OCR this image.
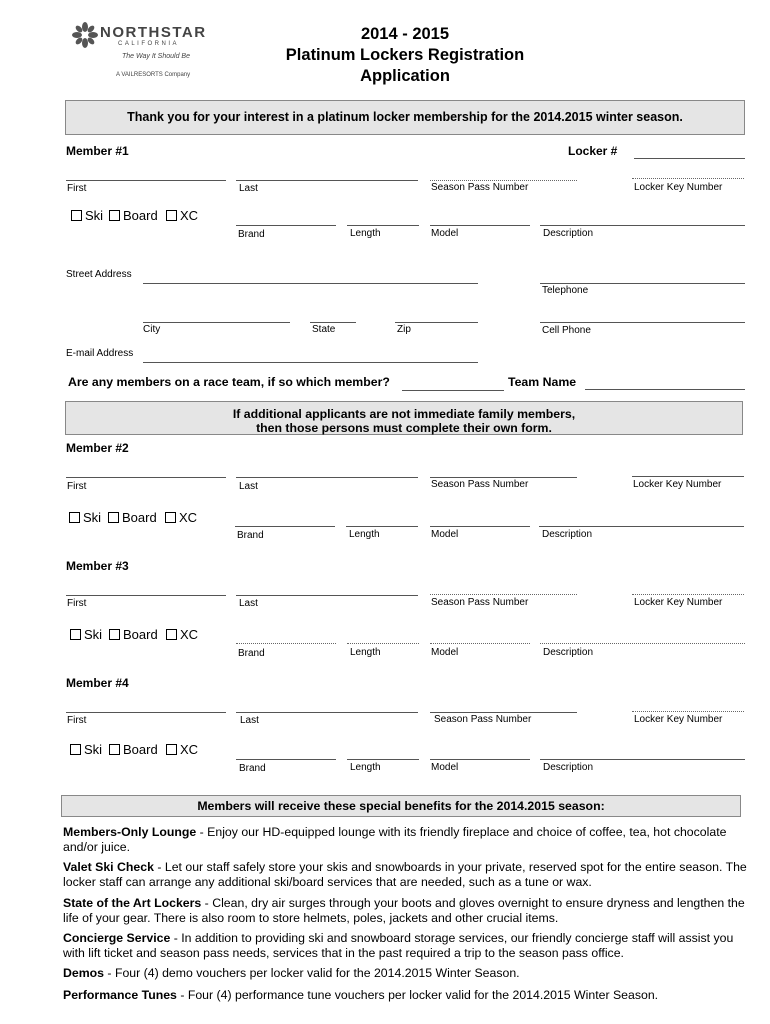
NORTHSTAR
CALIFORNIA
The Way It Should Be
A VAILRESORTS Company
2014 - 2015
Platinum Lockers Registration
Application
Thank you for your interest in a platinum locker membership for the 2014.2015 winter season.
Member #1	Locker #
First	Last	Season Pass Number	Locker Key Number
Ski	Board	XC
Brand	Length	Model	Description
Street Address
Telephone
City	State	Zip	Cell Phone
E-mail Address
Are any members on a race team, if so which member?	Team Name
If additional applicants are not immediate family members,
then those persons must complete their own form.
Member #2
First	Last	Season Pass Number	Locker Key Number
Ski	Board	XC
Brand	Length	Model	Description
Member #3
First	Last	Season Pass Number	Locker Key Number
Ski	Board	XC
Brand	Length	Model	Description
Member #4
First	Last	Season Pass Number	Locker Key Number
Ski	Board	XC
Brand	Length	Model	Description
Members will receive these special benefits for the 2014.2015 season:
Members-Only Lounge - Enjoy our HD-equipped lounge with its friendly fireplace and choice of coffee, tea, hot chocolate and/or juice.
Valet Ski Check - Let our staff safely store your skis and snowboards in your private, reserved spot for the entire season. The locker staff can arrange any additional ski/board services that are needed, such as a tune or wax.
State of the Art Lockers - Clean, dry air surges through your boots and gloves overnight to ensure dryness and lengthen the life of your gear. There is also room to store helmets, poles, jackets and other crucial items.
Concierge Service - In addition to providing ski and snowboard storage services, our friendly concierge staff will assist you with lift ticket and season pass needs, services that in the past required a trip to the season pass office.
Demos - Four (4) demo vouchers per locker valid for the 2014.2015 Winter Season.
Performance Tunes - Four (4) performance tune vouchers per locker valid for the 2014.2015 Winter Season.
